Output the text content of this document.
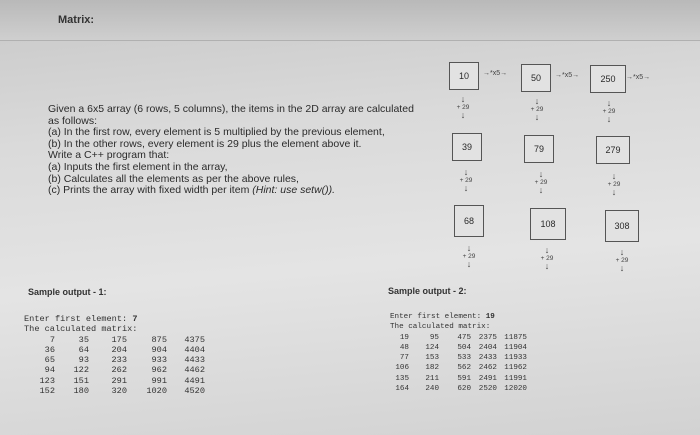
Matrix:
Given a 6x5 array (6 rows, 5 columns), the items in the 2D array are calculated
as follows:
(a) In the first row, every element is 5 multiplied by the previous element,
(b) In the other rows, every element is 29 plus the element above it.
Write a C++ program that:
(a) Inputs the first element in the array,
(b) Calculates all the elements as per the above rules,
(c) Prints the array with fixed width per item (Hint: use setw()).
10	→*x5→	50	→*x5→	250	→*x5→
↓
+ 29
↓
↓
+ 29
↓
↓
+ 29
↓
39	79	279
↓
+ 29
↓
↓
+ 29
↓
↓
+ 29
↓
68	108	308
↓
+ 29
↓
↓
+ 29
↓
↓
+ 29
↓
Sample output - 1:	Sample output - 2:
Enter first element: 7
The calculated matrix:
7	35	175	875	4375
36	64	204	904	4404
65	93	233	933	4433
94	122	262	962	4462
123	151	291	991	4491
152	180	320	1020	4520
Enter first element: 19
The calculated matrix:
19	95	475	2375 11875
48	124	504	2404 11904
77	153	533	2433 11933
106	182	562	2462 11962
135	211	591	2491 11991
164	240	620	2520 12020
